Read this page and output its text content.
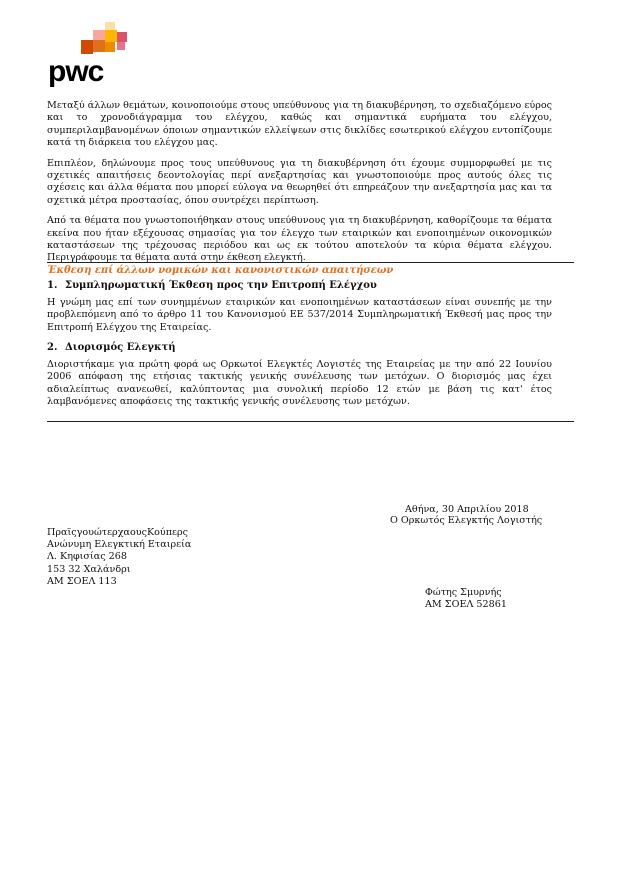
pwc

Μεταξύ άλλων θεμάτων, κοινοποιούμε στους υπεύθυνους για τη διακυβέρνηση, το σχεδιαζόμενο εύρος και το χρονοδιάγραμμα του ελέγχου, καθώς και σημαντικά ευρήματα του ελέγχου, συμπεριλαμβανομένων όποιων σημαντικών ελλείψεων στις δικλίδες εσωτερικού ελέγχου εντοπίζουμε κατά τη διάρκεια του ελέγχου μας.

Επιπλέον, δηλώνουμε προς τους υπεύθυνους για τη διακυβέρνηση ότι έχουμε συμμορφωθεί με τις σχετικές απαιτήσεις δεοντολογίας περί ανεξαρτησίας και γνωστοποιούμε προς αυτούς όλες τις σχέσεις και άλλα θέματα που μπορεί εύλογα να θεωρηθεί ότι επηρεάζουν την ανεξαρτησία μας και τα σχετικά μέτρα προστασίας, όπου συντρέχει περίπτωση.

Από τα θέματα που γνωστοποιήθηκαν στους υπεύθυνους για τη διακυβέρνηση, καθορίζουμε τα θέματα εκείνα που ήταν εξέχουσας σημασίας για τον έλεγχο των εταιρικών και ενοποιημένων οικονομικών καταστάσεων της τρέχουσας περιόδου και ως εκ τούτου αποτελούν τα κύρια θέματα ελέγχου. Περιγράφουμε τα θέματα αυτά στην έκθεση ελεγκτή.

Έκθεση επί άλλων νομικών και κανονιστικών απαιτήσεων
1. Συμπληρωματική Έκθεση προς την Επιτροπή Ελέγχου

Η γνώμη μας επί των συνημμένων εταιρικών και ενοποιημένων καταστάσεων είναι συνεπής με την προβλεπόμενη από το άρθρο 11 του Κανονισμού ΕΕ 537/2014 Συμπληρωματική Έκθεσή μας προς την Επιτροπή Ελέγχου της Εταιρείας.

2. Διορισμός Ελεγκτή

Διοριστήκαμε για πρώτη φορά ως Ορκωτοί Ελεγκτές Λογιστές της Εταιρείας με την από 22 Ιουνίου 2006 απόφαση της ετήσιας τακτικής γενικής συνέλευσης των μετόχων. Ο διορισμός μας έχει αδιαλείπτως ανανεωθεί, καλύπτοντας μια συνολική περίοδο 12 ετών με βάση τις κατ' έτος λαμβανόμενες αποφάσεις της τακτικής γενικής συνέλευσης των μετόχων.

Αθήνα, 30 Απριλίου 2018
Ο Ορκωτός Ελεγκτής Λογιστής
ΠραϊςγουώτερχαουςΚούπερς
Ανώνυμη Ελεγκτική Εταιρεία
Λ. Κηφισίας 268
153 32 Χαλάνδρι
ΑΜ ΣΟΕΛ 113
Φώτης Σμυρνής
ΑΜ ΣΟΕΛ 52861
